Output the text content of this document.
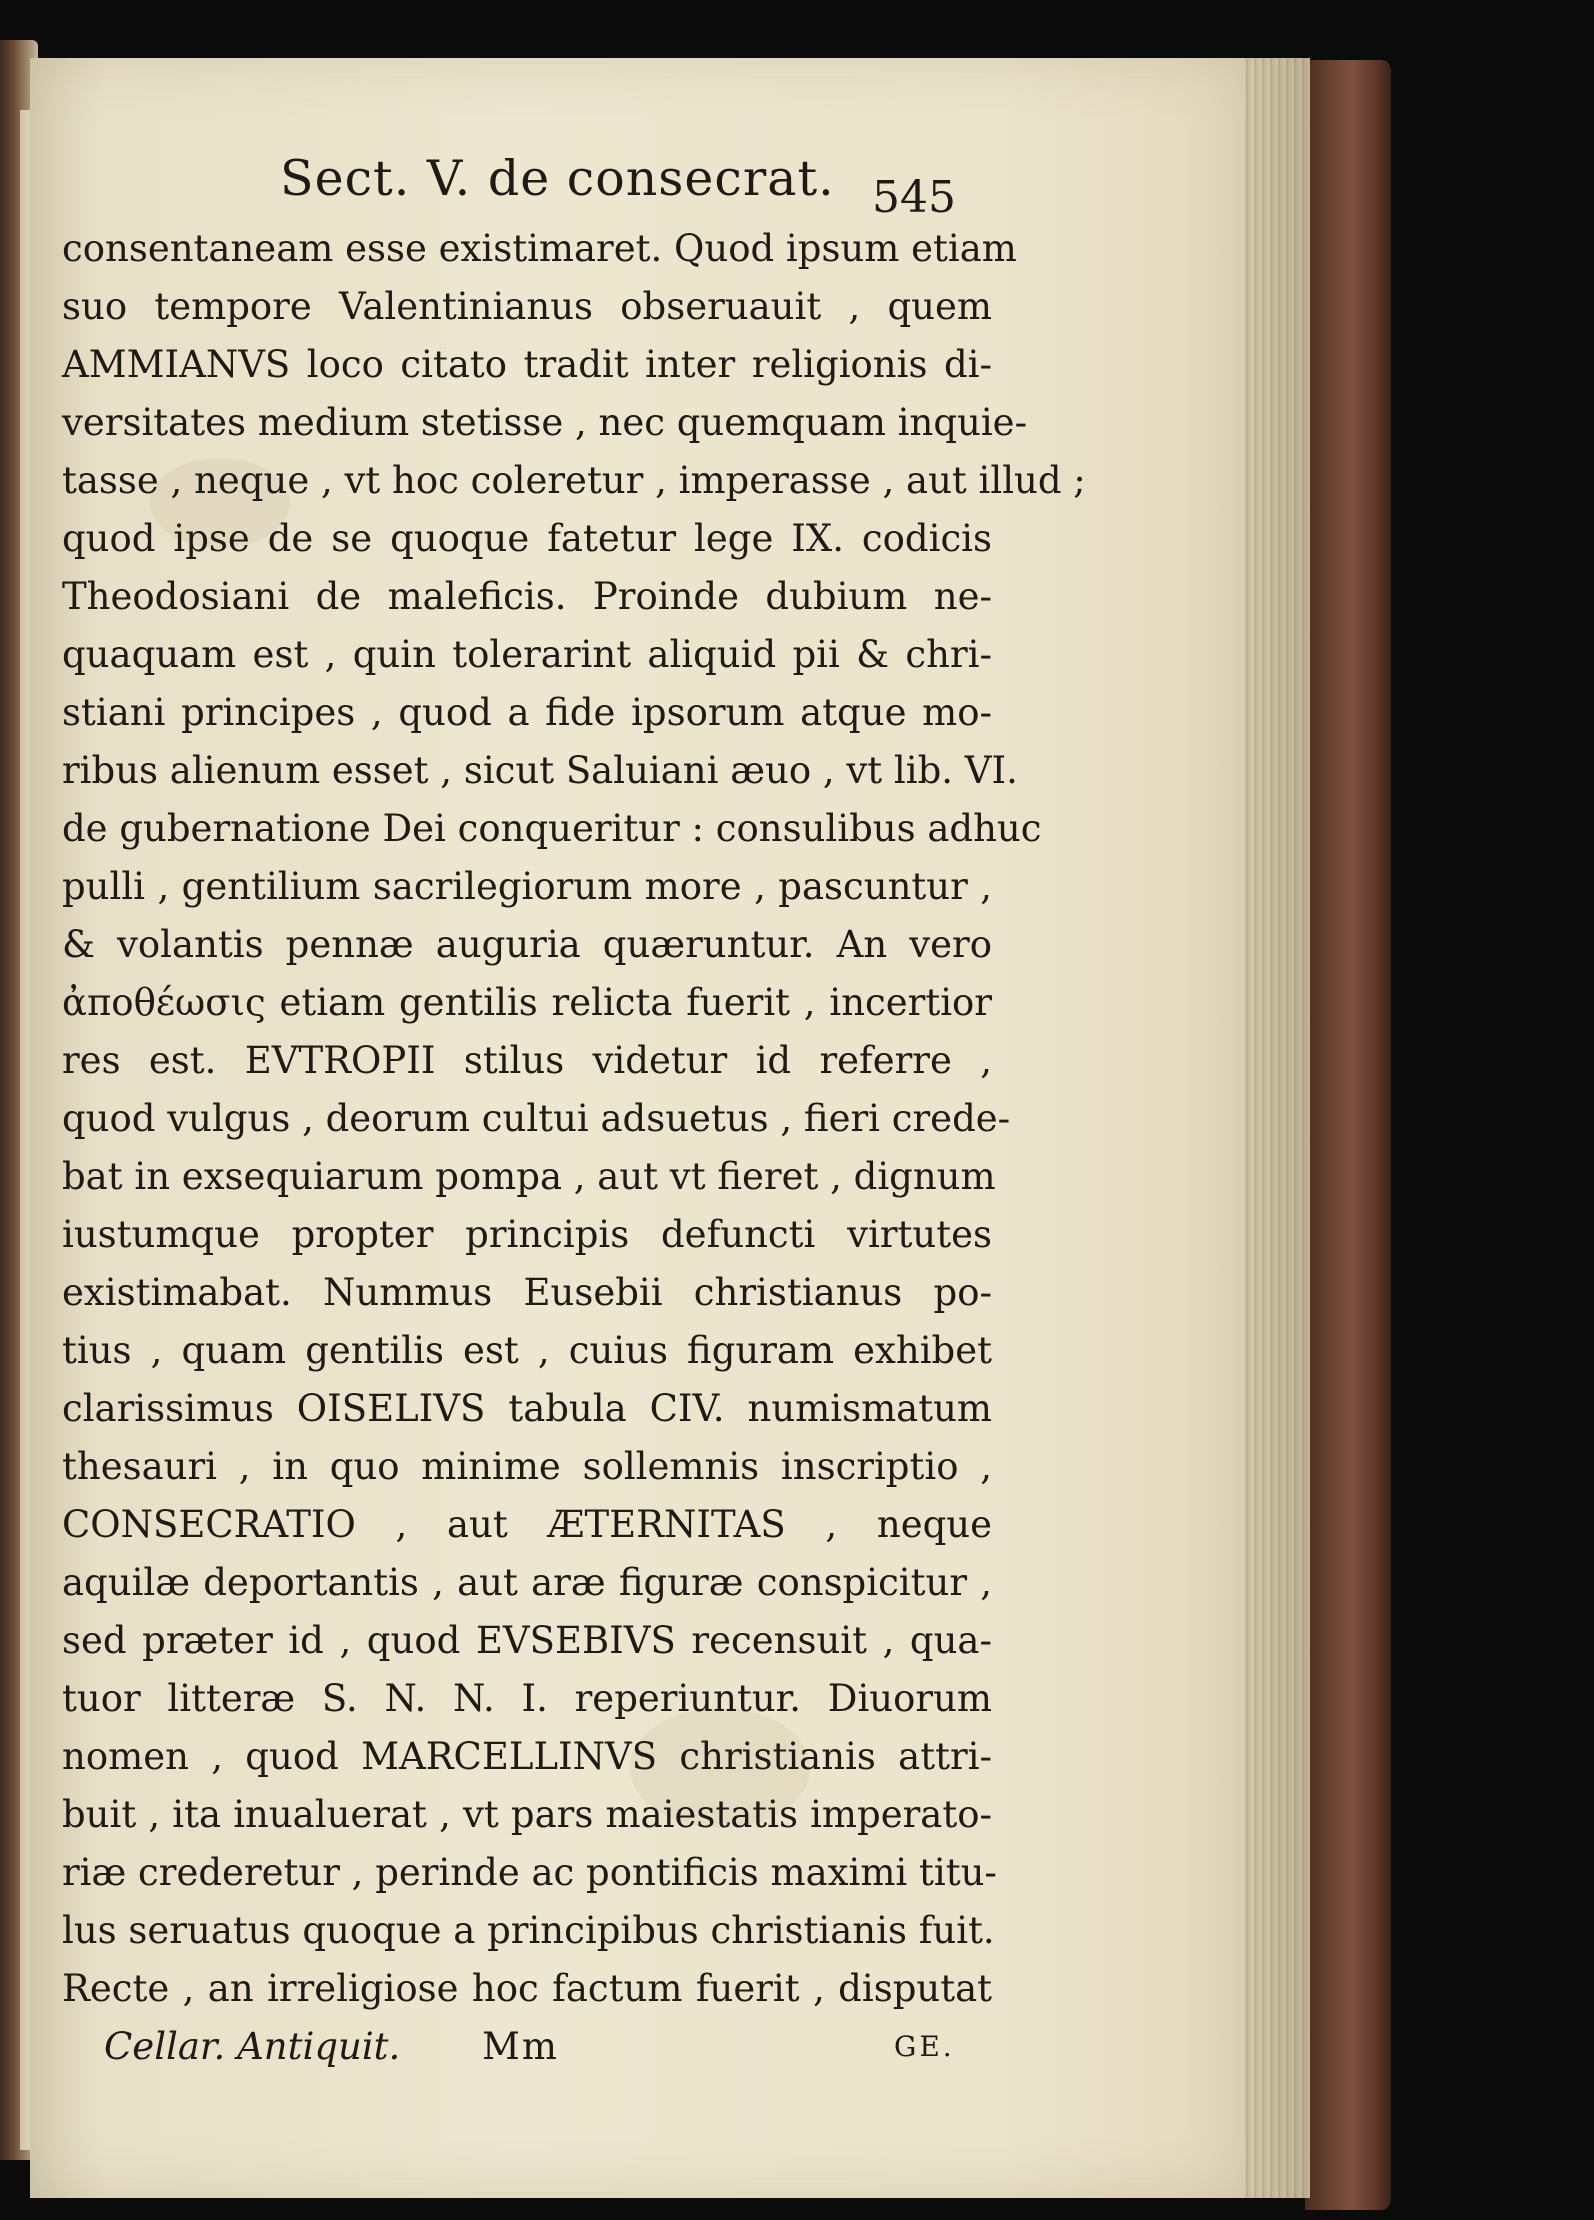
Sect. V. de consecrat. 545
consentaneam esse existimaret. Quod ipsum etiam
suo tempore Valentinianus obseruauit , quem
AMMIANVS loco citato tradit inter religionis di-
versitates medium stetisse , nec quemquam inquie-
tasse , neque , vt hoc coleretur , imperasse , aut illud ;
quod ipse de se quoque fatetur lege IX. codicis
Theodosiani de maleficis. Proinde dubium ne-
quaquam est , quin tolerarint aliquid pii & chri-
stiani principes , quod a fide ipsorum atque mo-
ribus alienum esset , sicut Saluiani æuo , vt lib. VI.
de gubernatione Dei conqueritur : consulibus adhuc
pulli , gentilium sacrilegiorum more , pascuntur ,
& volantis pennæ auguria quæruntur. An vero
ἀποθέωσις etiam gentilis relicta fuerit , incertior
res est. EVTROPII stilus videtur id referre ,
quod vulgus , deorum cultui adsuetus , fieri crede-
bat in exsequiarum pompa , aut vt fieret , dignum
iustumque propter principis defuncti virtutes
existimabat. Nummus Eusebii christianus po-
tius , quam gentilis est , cuius figuram exhibet
clarissimus OISELIVS tabula CIV. numismatum
thesauri , in quo minime sollemnis inscriptio ,
CONSECRATIO , aut ÆTERNITAS , neque
aquilæ deportantis , aut aræ figuræ conspicitur ,
sed præter id , quod EVSEBIVS recensuit , qua-
tuor litteræ S. N. N. I. reperiuntur. Diuorum
nomen , quod MARCELLINVS christianis attri-
buit , ita inualuerat , vt pars maiestatis imperato-
riæ crederetur , perinde ac pontificis maximi titu-
lus seruatus quoque a principibus christianis fuit.
Recte , an irreligiose hoc factum fuerit , disputat
Cellar. Antiquit. Mm	GE.
